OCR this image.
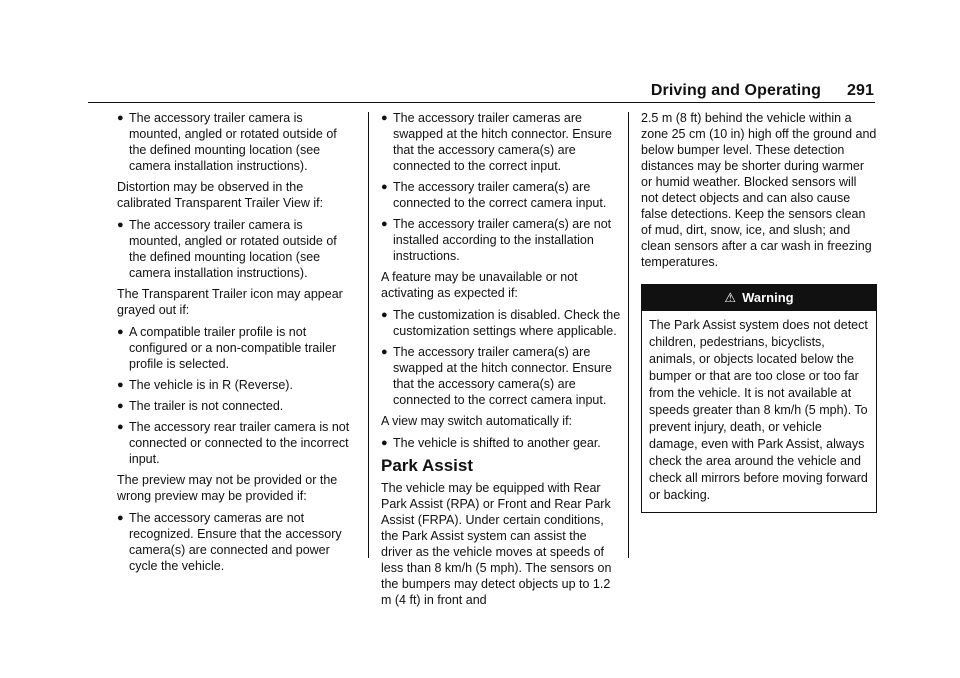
Driving and Operating 291
● The accessory trailer camera is mounted, angled or rotated outside of the defined mounting location (see camera installation instructions).

Distortion may be observed in the calibrated Transparent Trailer View if:

● The accessory trailer camera is mounted, angled or rotated outside of the defined mounting location (see camera installation instructions).

The Transparent Trailer icon may appear grayed out if:

● A compatible trailer profile is not configured or a non-compatible trailer profile is selected.
● The vehicle is in R (Reverse).
● The trailer is not connected.
● The accessory rear trailer camera is not connected or connected to the incorrect input.

The preview may not be provided or the wrong preview may be provided if:

● The accessory cameras are not recognized. Ensure that the accessory camera(s) are connected and power cycle the vehicle.
● The accessory trailer cameras are swapped at the hitch connector. Ensure that the accessory camera(s) are connected to the correct input.
● The accessory trailer camera(s) are connected to the correct camera input.
● The accessory trailer camera(s) are not installed according to the installation instructions.

A feature may be unavailable or not activating as expected if:

● The customization is disabled. Check the customization settings where applicable.
● The accessory trailer camera(s) are swapped at the hitch connector. Ensure that the accessory camera(s) are connected to the correct camera input.

A view may switch automatically if:

● The vehicle is shifted to another gear.
Park Assist

The vehicle may be equipped with Rear Park Assist (RPA) or Front and Rear Park Assist (FRPA). Under certain conditions, the Park Assist system can assist the driver as the vehicle moves at speeds of less than 8 km/h (5 mph). The sensors on the bumpers may detect objects up to 1.2 m (4 ft) in front and

2.5 m (8 ft) behind the vehicle within a zone 25 cm (10 in) high off the ground and below bumper level. These detection distances may be shorter during warmer or humid weather. Blocked sensors will not detect objects and can also cause false detections. Keep the sensors clean of mud, dirt, snow, ice, and slush; and clean sensors after a car wash in freezing temperatures.

⚠ Warning
The Park Assist system does not detect children, pedestrians, bicyclists, animals, or objects located below the bumper or that are too close or too far from the vehicle. It is not available at speeds greater than 8 km/h (5 mph). To prevent injury, death, or vehicle damage, even with Park Assist, always check the area around the vehicle and check all mirrors before moving forward or backing.
